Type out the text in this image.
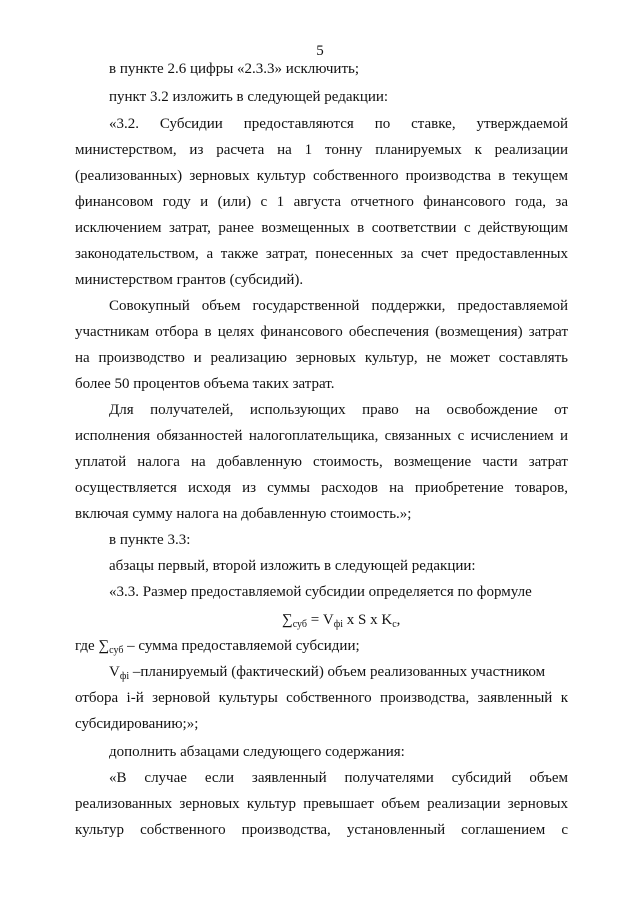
5
в пункте 2.6 цифры «2.3.3» исключить;
пункт 3.2 изложить в следующей редакции:
«3.2. Субсидии предоставляются по ставке, утверждаемой
министерством, из расчета на 1 тонну планируемых к реализации
(реализованных) зерновых культур собственного производства в текущем
финансовом году и (или) с 1 августа отчетного финансового года, за
исключением затрат, ранее возмещенных в соответствии с действующим
законодательством, а также затрат, понесенных за счет предоставленных
министерством грантов (субсидий).
Совокупный объем государственной поддержки, предоставляемой
участникам отбора в целях финансового обеспечения (возмещения) затрат
на производство и реализацию зерновых культур, не может составлять
более 50 процентов объема таких затрат.
Для получателей, использующих право на освобождение от
исполнения обязанностей налогоплательщика, связанных с исчислением и
уплатой налога на добавленную стоимость, возмещение части затрат
осуществляется исходя из суммы расходов на приобретение товаров,
включая сумму налога на добавленную стоимость.»;
в пункте 3.3:
абзацы первый, второй изложить в следующей редакции:
«3.3. Размер предоставляемой субсидии определяется по формуле
$\sum_{суб} = V_{фi}$ x S x $K_c$,
где $\sum_{суб}$ – сумма предоставляемой субсидии;
$V_{фi}$ –планируемый (фактический) объем реализованных участником
отбора i-й зерновой культуры собственного производства, заявленный к
субсидированию;»;
дополнить абзацами следующего содержания:
«В случае если заявленный получателями субсидий объем
реализованных зерновых культур превышает объем реализации зерновых
культур собственного производства, установленный соглашением с
